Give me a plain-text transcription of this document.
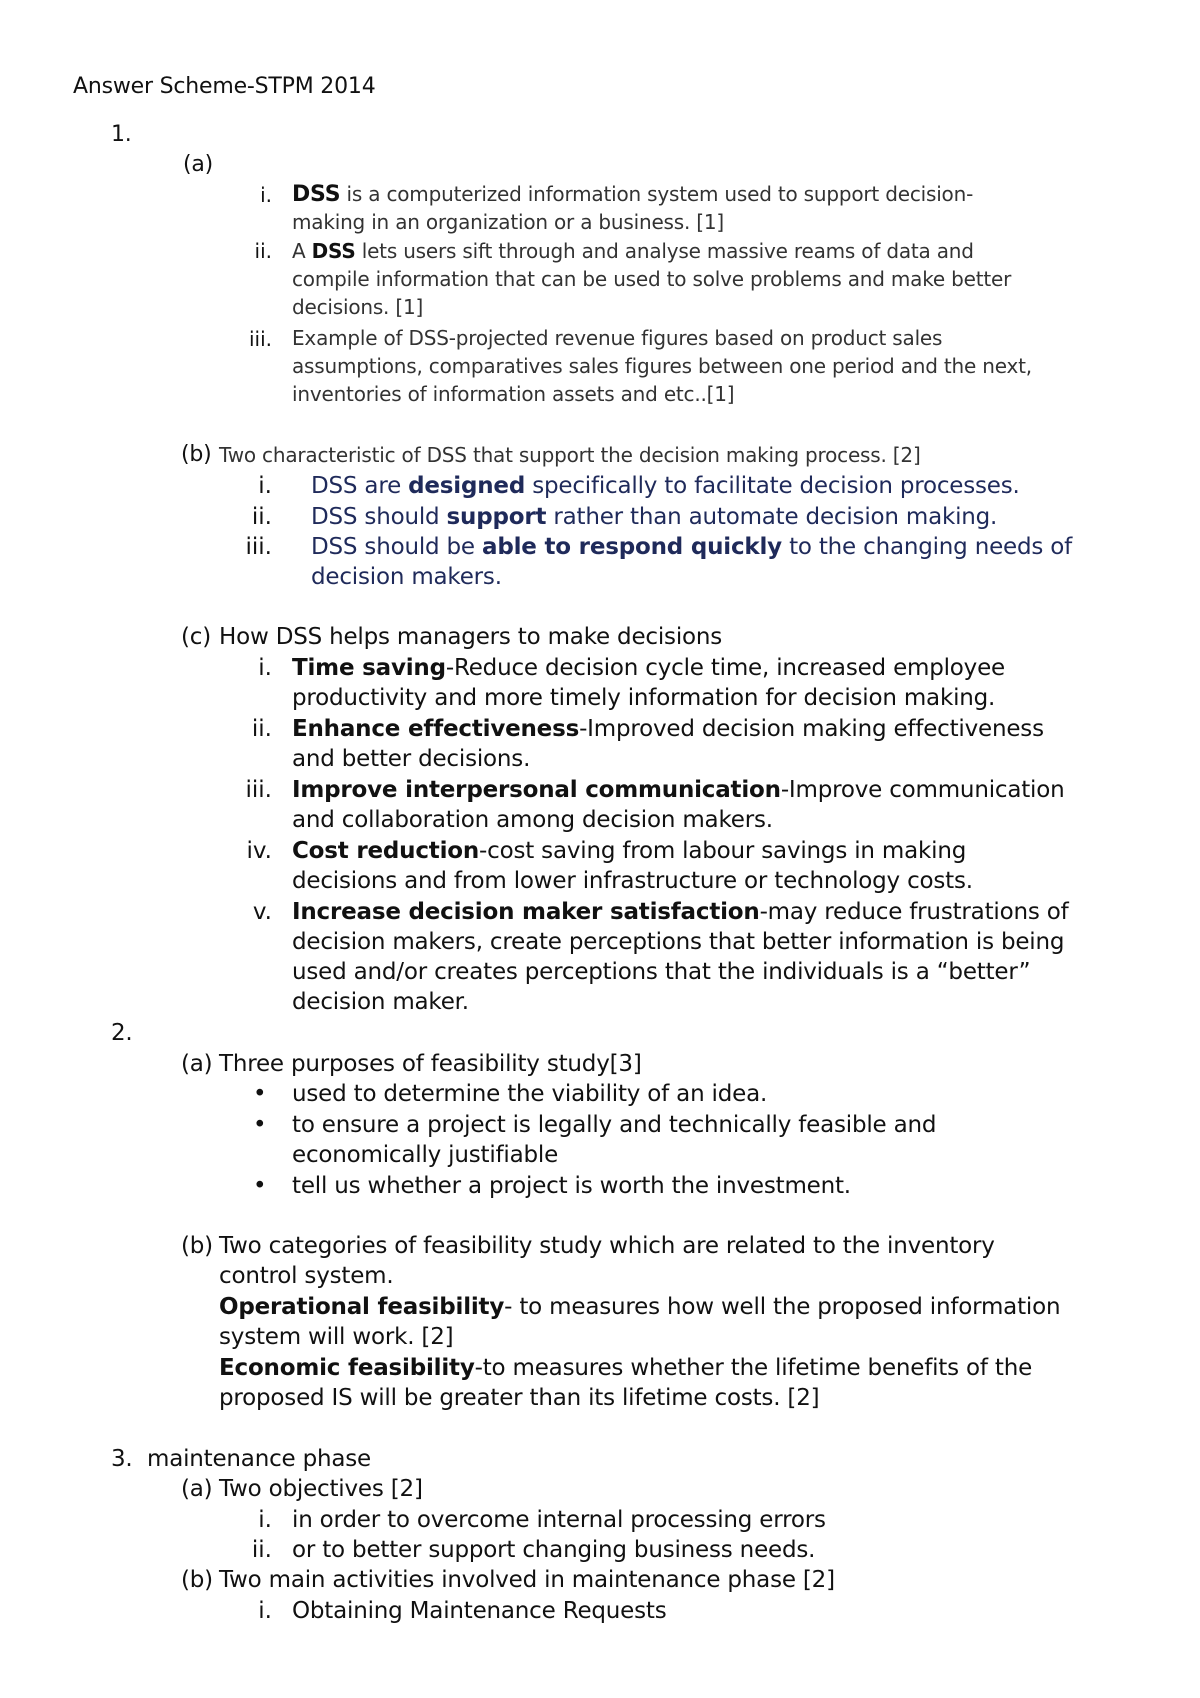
Answer Scheme-STPM 2014
1.
(a)
i. DSS is a computerized information system used to support decision-
making in an organization or a business. [1]
ii. A DSS lets users sift through and analyse massive reams of data and
compile information that can be used to solve problems and make better
decisions. [1]
iii. Example of DSS-projected revenue figures based on product sales
assumptions, comparatives sales figures between one period and the next,
inventories of information assets and etc..[1]
(b) Two characteristic of DSS that support the decision making process. [2]
i. DSS are designed specifically to facilitate decision processes.
ii. DSS should support rather than automate decision making.
iii. DSS should be able to respond quickly to the changing needs of
decision makers.
(c) How DSS helps managers to make decisions
i. Time saving-Reduce decision cycle time, increased employee
productivity and more timely information for decision making.
ii. Enhance effectiveness-Improved decision making effectiveness
and better decisions.
iii. Improve interpersonal communication-Improve communication
and collaboration among decision makers.
iv. Cost reduction-cost saving from labour savings in making
decisions and from lower infrastructure or technology costs.
v. Increase decision maker satisfaction-may reduce frustrations of
decision makers, create perceptions that better information is being
used and/or creates perceptions that the individuals is a “better”
decision maker.
2.
(a) Three purposes of feasibility study[3]
• used to determine the viability of an idea.
• to ensure a project is legally and technically feasible and
economically justifiable
• tell us whether a project is worth the investment.
(b) Two categories of feasibility study which are related to the inventory
control system.
Operational feasibility- to measures how well the proposed information
system will work. [2]
Economic feasibility-to measures whether the lifetime benefits of the
proposed IS will be greater than its lifetime costs. [2]
3. maintenance phase
(a) Two objectives [2]
i. in order to overcome internal processing errors
ii. or to better support changing business needs.
(b) Two main activities involved in maintenance phase [2]
i. Obtaining Maintenance Requests
